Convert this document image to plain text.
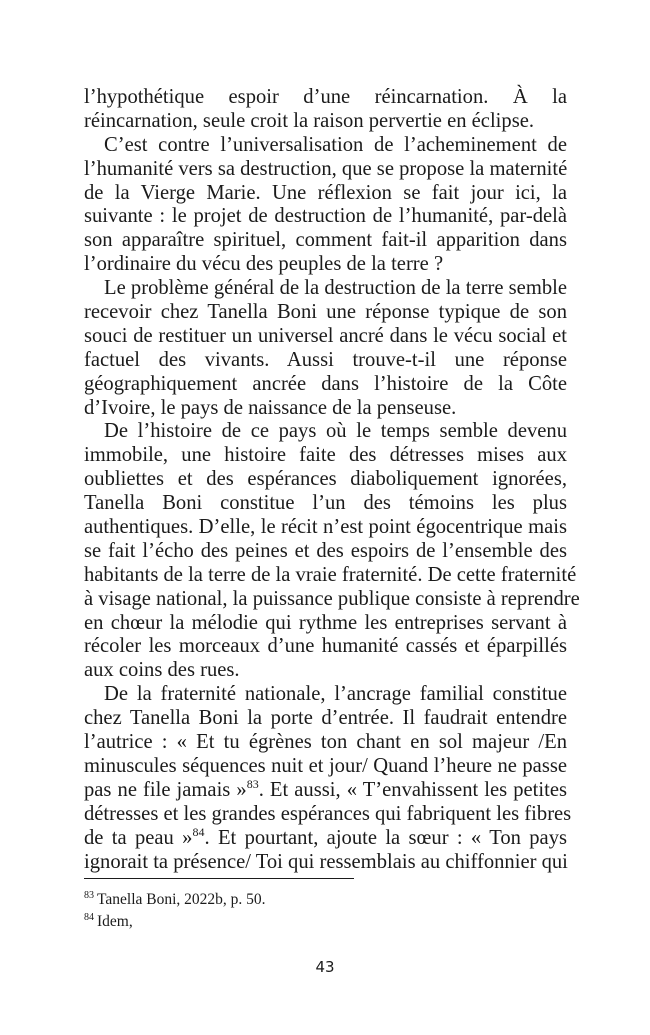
l’hypothétique espoir d’une réincarnation. À la
réincarnation, seule croit la raison pervertie en éclipse.
C’est contre l’universalisation de l’acheminement de
l’humanité vers sa destruction, que se propose la maternité
de la Vierge Marie. Une réflexion se fait jour ici, la
suivante : le projet de destruction de l’humanité, par-delà
son apparaître spirituel, comment fait-il apparition dans
l’ordinaire du vécu des peuples de la terre ?
Le problème général de la destruction de la terre semble
recevoir chez Tanella Boni une réponse typique de son
souci de restituer un universel ancré dans le vécu social et
factuel des vivants. Aussi trouve-t-il une réponse
géographiquement ancrée dans l’histoire de la Côte
d’Ivoire, le pays de naissance de la penseuse.
De l’histoire de ce pays où le temps semble devenu
immobile, une histoire faite des détresses mises aux
oubliettes et des espérances diaboliquement ignorées,
Tanella Boni constitue l’un des témoins les plus
authentiques. D’elle, le récit n’est point égocentrique mais
se fait l’écho des peines et des espoirs de l’ensemble des
habitants de la terre de la vraie fraternité. De cette fraternité
à visage national, la puissance publique consiste à reprendre
en chœur la mélodie qui rythme les entreprises servant à
récoler les morceaux d’une humanité cassés et éparpillés
aux coins des rues.
De la fraternité nationale, l’ancrage familial constitue
chez Tanella Boni la porte d’entrée. Il faudrait entendre
l’autrice : « Et tu égrènes ton chant en sol majeur /En
minuscules séquences nuit et jour/ Quand l’heure ne passe
pas ne file jamais »$^{83}$. Et aussi, « T’envahissent les petites
détresses et les grandes espérances qui fabriquent les fibres
de ta peau »$^{84}$. Et pourtant, ajoute la sœur : « Ton pays
ignorait ta présence/ Toi qui ressemblais au chiffonnier qui
$^{83}$ Tanella Boni, 2022b, p. 50.
$^{84}$ Idem,
43
